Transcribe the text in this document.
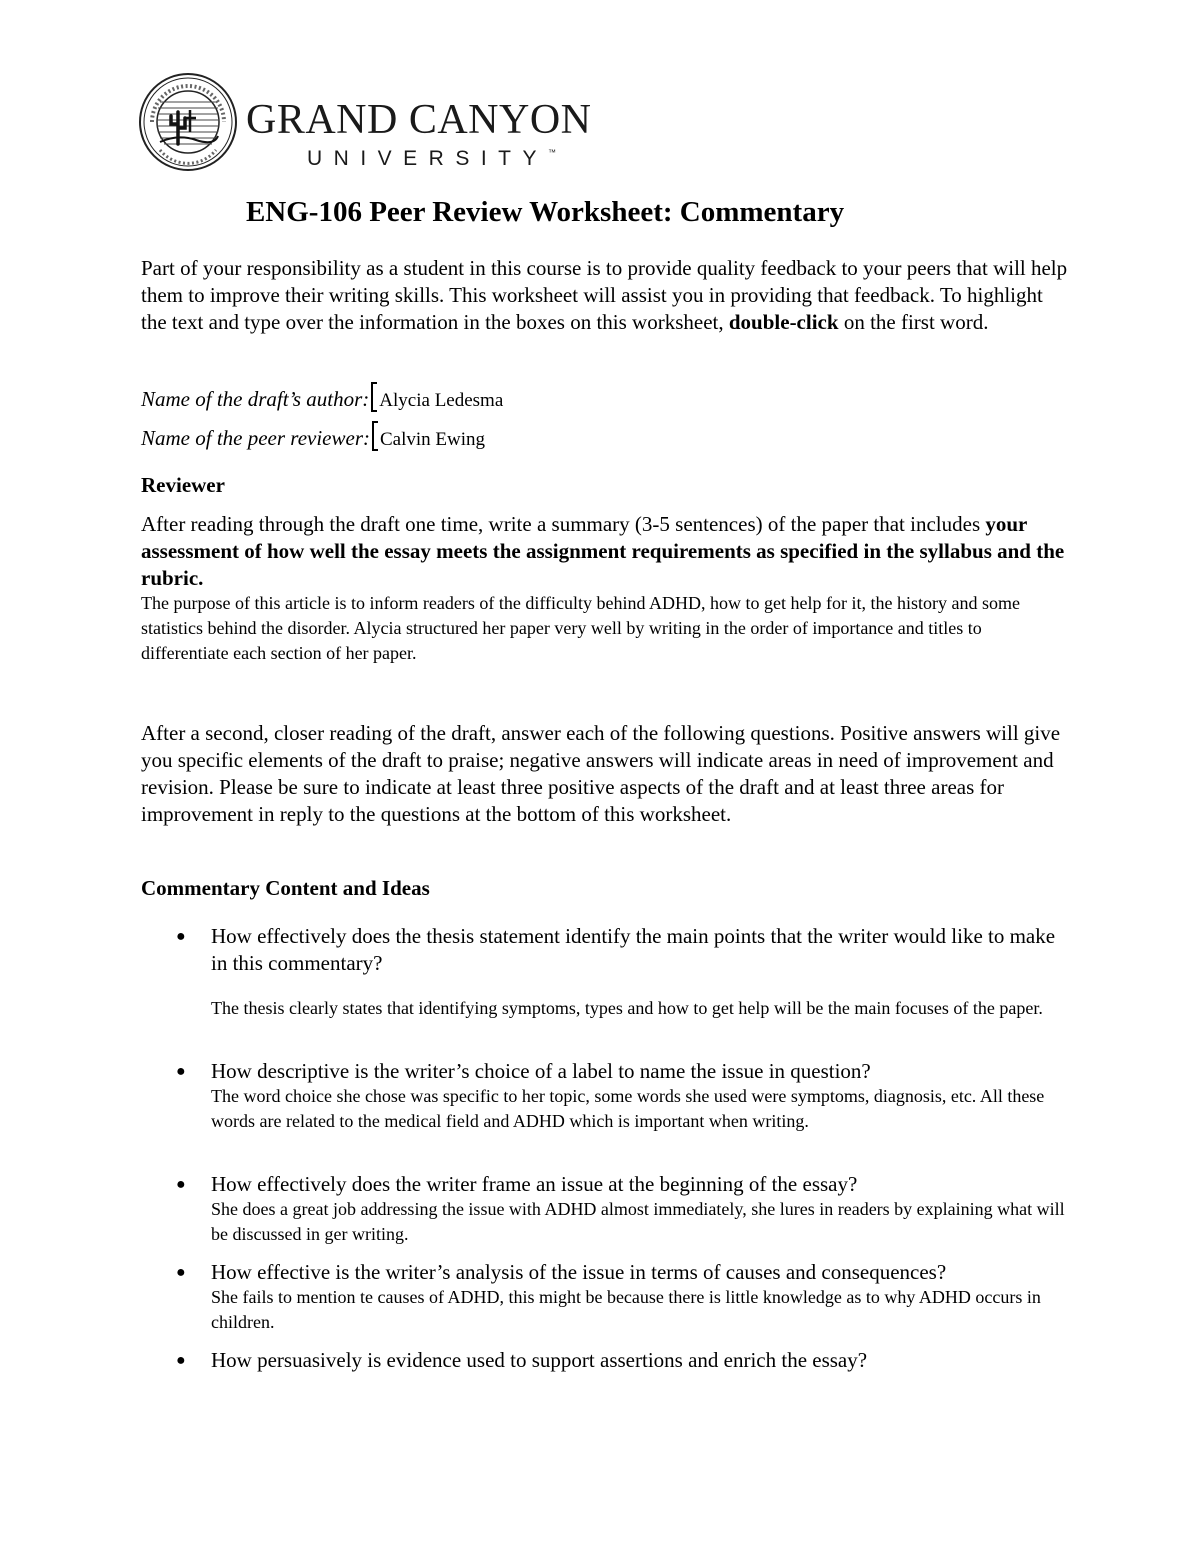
GRAND CANYON
UNIVERSITY™
ENG-106 Peer Review Worksheet: Commentary

Part of your responsibility as a student in this course is to provide quality feedback to your peers that will help them to improve their writing skills. This worksheet will assist you in providing that feedback. To highlight the text and type over the information in the boxes on this worksheet, double-click on the first word.

Name of the draft’s author: Alycia Ledesma
Name of the peer reviewer: Calvin Ewing

Reviewer

After reading through the draft one time, write a summary (3-5 sentences) of the paper that includes your assessment of how well the essay meets the assignment requirements as specified in the syllabus and the rubric.

The purpose of this article is to inform readers of the difficulty behind ADHD, how to get help for it, the history and some statistics behind the disorder. Alycia structured her paper very well by writing in the order of importance and titles to differentiate each section of her paper.

After a second, closer reading of the draft, answer each of the following questions. Positive answers will give you specific elements of the draft to praise; negative answers will indicate areas in need of improvement and revision. Please be sure to indicate at least three positive aspects of the draft and at least three areas for improvement in reply to the questions at the bottom of this worksheet.

Commentary Content and Ideas

● How effectively does the thesis statement identify the main points that the writer would like to make in this commentary?

The thesis clearly states that identifying symptoms, types and how to get help will be the main focuses of the paper.

● How descriptive is the writer’s choice of a label to name the issue in question?

The word choice she chose was specific to her topic, some words she used were symptoms, diagnosis, etc. All these words are related to the medical field and ADHD which is important when writing.

● How effectively does the writer frame an issue at the beginning of the essay?

She does a great job addressing the issue with ADHD almost immediately, she lures in readers by explaining what will be discussed in ger writing.

● How effective is the writer’s analysis of the issue in terms of causes and consequences?

She fails to mention te causes of ADHD, this might be because there is little knowledge as to why ADHD occurs in children.

● How persuasively is evidence used to support assertions and enrich the essay?
